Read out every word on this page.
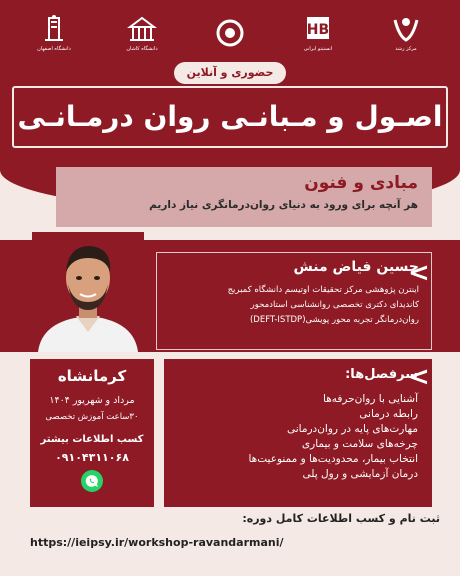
دانشگاه اصفهان	دانشگاه کاشان
HB
انستیتو ایرانی	مرکز رشد
حضوری و آنلاین
اصـول و مـبانـی روان درمـانـی
مبادی و فنون
هر آنچه برای ورود به دنیای روان‌درمانگری نیاز داریم
حسین فیاض منش
اینترن پژوهشی مرکز تحقیقات اوتیسم دانشگاه کمبریج
کاندیدای دکتری تخصصی روانشناسی استادمحور
روان‌درمانگر تجربه محور پویشی(DEFT-ISTDP)
<
کرمانشاه
مرداد و شهریور ۱۴۰۴
۳۰ساعت آموزش تخصصی
کسب اطلاعات بیشتر
۰۹۱۰۴۳۱۱۰۶۸
سرفصل‌ها:
آشنایی با روان‌حرفه‌ها
رابطه درمانی
مهارت‌های پایه در روان‌درمانی
چرخه‌های سلامت و بیماری
انتخاب بیمار، محدودیت‌ها و ممنوعیت‌ها
درمان آزمایشی و رول پلی
<
ثبت نام و کسب اطلاعات کامل دوره:
https://ieipsy.ir/workshop-ravandarmani/
